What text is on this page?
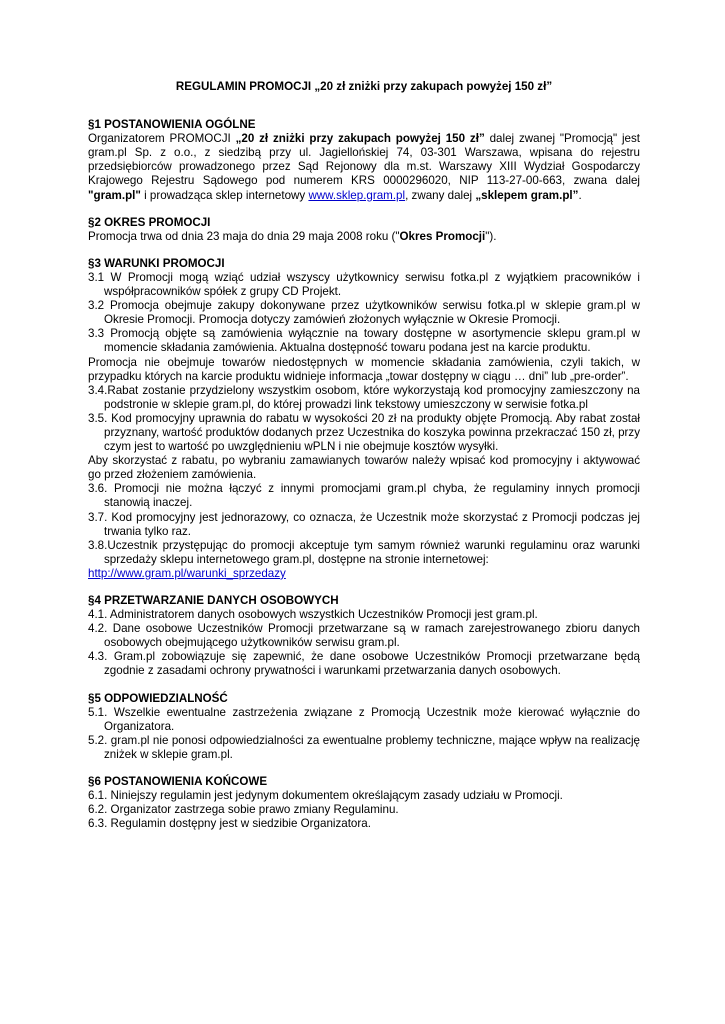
REGULAMIN PROMOCJI „20 zł zniżki przy zakupach powyżej 150 zł”
§1 POSTANOWIENIA OGÓLNE
Organizatorem PROMOCJI „20 zł zniżki przy zakupach powyżej 150 zł” dalej zwanej "Promocją" jest gram.pl Sp. z o.o., z siedzibą przy ul. Jagiellońskiej 74, 03-301 Warszawa, wpisana do rejestru przedsiębiorców prowadzonego przez Sąd Rejonowy dla m.st. Warszawy XIII Wydział Gospodarczy Krajowego Rejestru Sądowego pod numerem KRS 0000296020, NIP 113-27-00-663, zwana dalej "gram.pl" i prowadząca sklep internetowy www.sklep.gram.pl, zwany dalej „sklepem gram.pl”.
§2 OKRES PROMOCJI
Promocja trwa od dnia 23 maja do dnia 29 maja 2008 roku ("Okres Promocji").
§3 WARUNKI PROMOCJI
3.1 W Promocji mogą wziąć udział wszyscy użytkownicy serwisu fotka.pl z wyjątkiem pracowników i współpracowników spółek z grupy CD Projekt.
3.2 Promocja obejmuje zakupy dokonywane przez użytkowników serwisu fotka.pl w sklepie gram.pl w Okresie Promocji. Promocja dotyczy zamówień złożonych wyłącznie w Okresie Promocji.
3.3 Promocją objęte są zamówienia wyłącznie na towary dostępne w asortymencie sklepu gram.pl w momencie składania zamówienia. Aktualna dostępność towaru podana jest na karcie produktu.
Promocja nie obejmuje towarów niedostępnych w momencie składania zamówienia, czyli takich, w przypadku których na karcie produktu widnieje informacja „towar dostępny w ciągu … dni” lub „pre-order”.
3.4.Rabat zostanie przydzielony wszystkim osobom, które wykorzystają kod promocyjny zamieszczony na podstronie w sklepie gram.pl, do której prowadzi link tekstowy umieszczony w serwisie fotka.pl
3.5. Kod promocyjny uprawnia do rabatu w wysokości 20 zł na produkty objęte Promocją. Aby rabat został przyznany, wartość produktów dodanych przez Uczestnika do koszyka powinna przekraczać 150 zł, przy czym jest to wartość po uwzględnieniu wPLN i nie obejmuje kosztów wysyłki.
Aby skorzystać z rabatu, po wybraniu zamawianych towarów należy wpisać kod promocyjny i aktywować go przed złożeniem zamówienia.
3.6. Promocji nie można łączyć z innymi promocjami gram.pl chyba, że regulaminy innych promocji stanowią inaczej.
3.7. Kod promocyjny jest jednorazowy, co oznacza, że Uczestnik może skorzystać z Promocji podczas jej trwania tylko raz.
3.8.Uczestnik przystępując do promocji akceptuje tym samym również warunki regulaminu oraz warunki sprzedaży sklepu internetowego gram.pl, dostępne na stronie internetowej:
http://www.gram.pl/warunki_sprzedazy
§4 PRZETWARZANIE DANYCH OSOBOWYCH
4.1. Administratorem danych osobowych wszystkich Uczestników Promocji jest gram.pl.
4.2. Dane osobowe Uczestników Promocji przetwarzane są w ramach zarejestrowanego zbioru danych osobowych obejmującego użytkowników serwisu gram.pl.
4.3. Gram.pl zobowiązuje się zapewnić, że dane osobowe Uczestników Promocji przetwarzane będą zgodnie z zasadami ochrony prywatności i warunkami przetwarzania danych osobowych.
§5 ODPOWIEDZIALNOŚĆ
5.1. Wszelkie ewentualne zastrzeżenia związane z Promocją Uczestnik może kierować wyłącznie do Organizatora.
5.2. gram.pl nie ponosi odpowiedzialności za ewentualne problemy techniczne, mające wpływ na realizację zniżek w sklepie gram.pl.
§6 POSTANOWIENIA KOŃCOWE
6.1. Niniejszy regulamin jest jedynym dokumentem określającym zasady udziału w Promocji.
6.2. Organizator zastrzega sobie prawo zmiany Regulaminu.
6.3. Regulamin dostępny jest w siedzibie Organizatora.
